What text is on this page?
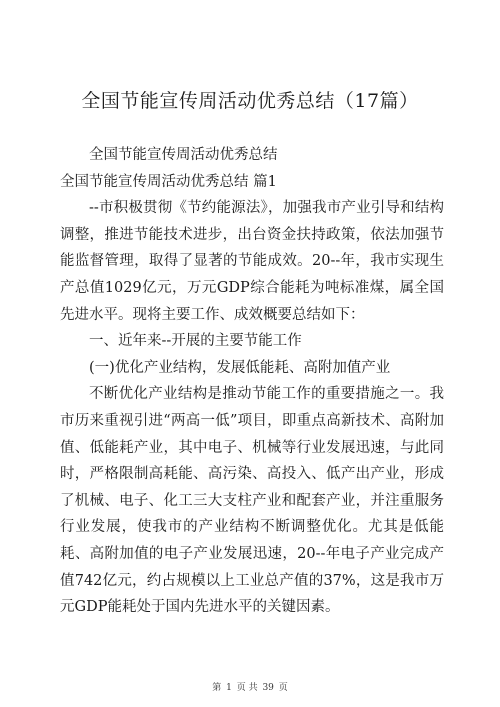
全国节能宣传周活动优秀总结（17篇）

全国节能宣传周活动优秀总结

全国节能宣传周活动优秀总结 篇1

--市积极贯彻《节约能源法》，加强我市产业引导和结构调整，推进节能技术进步，出台资金扶持政策，依法加强节能监督管理，取得了显著的节能成效。20--年，我市实现生产总值1029亿元，万元GDP综合能耗为吨标准煤，属全国先进水平。现将主要工作、成效概要总结如下：

一、近年来--开展的主要节能工作

(一)优化产业结构，发展低能耗、高附加值产业

不断优化产业结构是推动节能工作的重要措施之一。我市历来重视引进“两高一低”项目，即重点高新技术、高附加值、低能耗产业，其中电子、机械等行业发展迅速，与此同时，严格限制高耗能、高污染、高投入、低产出产业，形成了机械、电子、化工三大支柱产业和配套产业，并注重服务行业发展，使我市的产业结构不断调整优化。尤其是低能耗、高附加值的电子产业发展迅速，20--年电子产业完成产值742亿元，约占规模以上工业总产值的37%，这是我市万元GDP能耗处于国内先进水平的关键因素。

第 1 页 共 39 页
